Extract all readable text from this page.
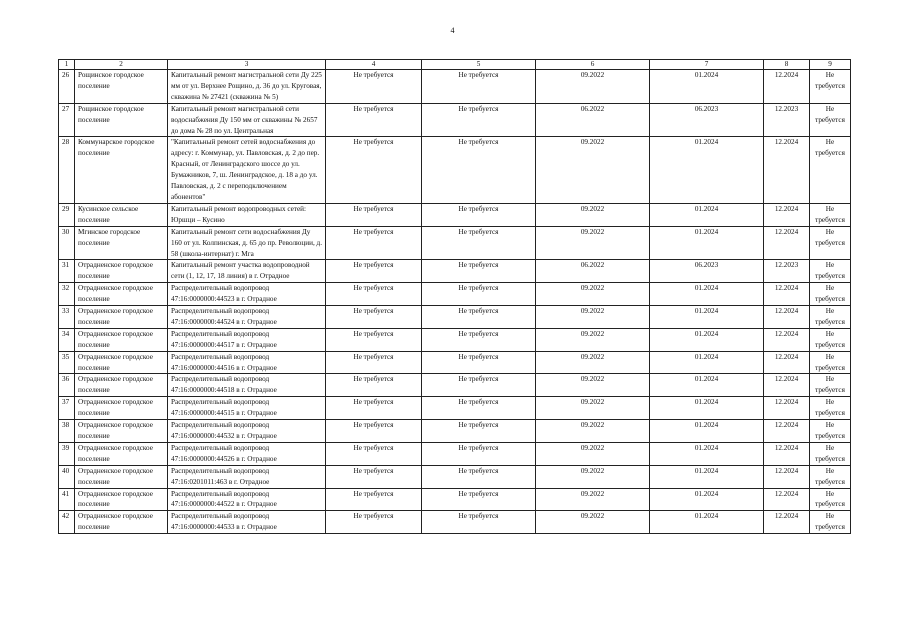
4
1	2	3	4	5	6	7	8	9
26	Рощинское городское поселение	Капитальный ремонт магистральной сети Ду 225 мм от ул. Верхнее Рощино, д. 36 до ул. Круговая, скважина № 27421 (скважина № 5)	Не требуется	Не требуется	09.2022	01.2024	12.2024	Не требуется
27	Рощинское городское поселение	Капитальный ремонт магистральной сети водоснабжения Ду 150 мм от скважины № 2657 до дома № 28 по ул. Центральная	Не требуется	Не требуется	06.2022	06.2023	12.2023	Не требуется
28	Коммунарское городское поселение	"Капитальный ремонт сетей водоснабжения до адресу: г. Коммунар, ул. Павловская, д. 2 до пер. Красный, от Ленинградского шоссе до ул. Бумажников, 7, ш. Ленинградское, д. 18 а до ул. Павловская, д. 2 с переподключением абонентов"	Не требуется	Не требуется	09.2022	01.2024	12.2024	Не требуется
29	Кусинское сельское поселение	Капитальный ремонт водопроводных сетей: Юршци – Кусино	Не требуется	Не требуется	09.2022	01.2024	12.2024	Не требуется
30	Мгинское городское поселение	Капитальный ремонт сети водоснабжения Ду 160 от ул. Колпинская, д. 65 до пр. Революции, д. 58 (школа-интернат) г. Мга	Не требуется	Не требуется	09.2022	01.2024	12.2024	Не требуется
31	Отрадненское городское поселение	Капитальный ремонт участка водопроводной сети (1, 12, 17, 18 линия) в г. Отрадное	Не требуется	Не требуется	06.2022	06.2023	12.2023	Не требуется
32	Отрадненское городское поселение	Распределительный водопровод 47:16:0000000:44523 в г. Отрадное	Не требуется	Не требуется	09.2022	01.2024	12.2024	Не требуется
33	Отрадненское городское поселение	Распределительный водопровод 47:16:0000000:44524 в г. Отрадное	Не требуется	Не требуется	09.2022	01.2024	12.2024	Не требуется
34	Отрадненское городское поселение	Распределительный водопровод 47:16:0000000:44517 в г. Отрадное	Не требуется	Не требуется	09.2022	01.2024	12.2024	Не требуется
35	Отрадненское городское поселение	Распределительный водопровод 47:16:0000000:44516 в г. Отрадное	Не требуется	Не требуется	09.2022	01.2024	12.2024	Не требуется
36	Отрадненское городское поселение	Распределительный водопровод 47:16:0000000:44518 в г. Отрадное	Не требуется	Не требуется	09.2022	01.2024	12.2024	Не требуется
37	Отрадненское городское поселение	Распределительный водопровод 47:16:0000000:44515 в г. Отрадное	Не требуется	Не требуется	09.2022	01.2024	12.2024	Не требуется
38	Отрадненское городское поселение	Распределительный водопровод 47:16:0000000:44532 в г. Отрадное	Не требуется	Не требуется	09.2022	01.2024	12.2024	Не требуется
39	Отрадненское городское поселение	Распределительный водопровод 47:16:0000000:44526 в г. Отрадное	Не требуется	Не требуется	09.2022	01.2024	12.2024	Не требуется
40	Отрадненское городское поселение	Распределительный водопровод 47:16:0201011:463 в г. Отрадное	Не требуется	Не требуется	09.2022	01.2024	12.2024	Не требуется
41	Отрадненское городское поселение	Распределительный водопровод 47:16:0000000:44522 в г. Отрадное	Не требуется	Не требуется	09.2022	01.2024	12.2024	Не требуется
42	Отрадненское городское поселение	Распределительный водопровод 47:16:0000000:44533 в г. Отрадное	Не требуется	Не требуется	09.2022	01.2024	12.2024	Не требуется
